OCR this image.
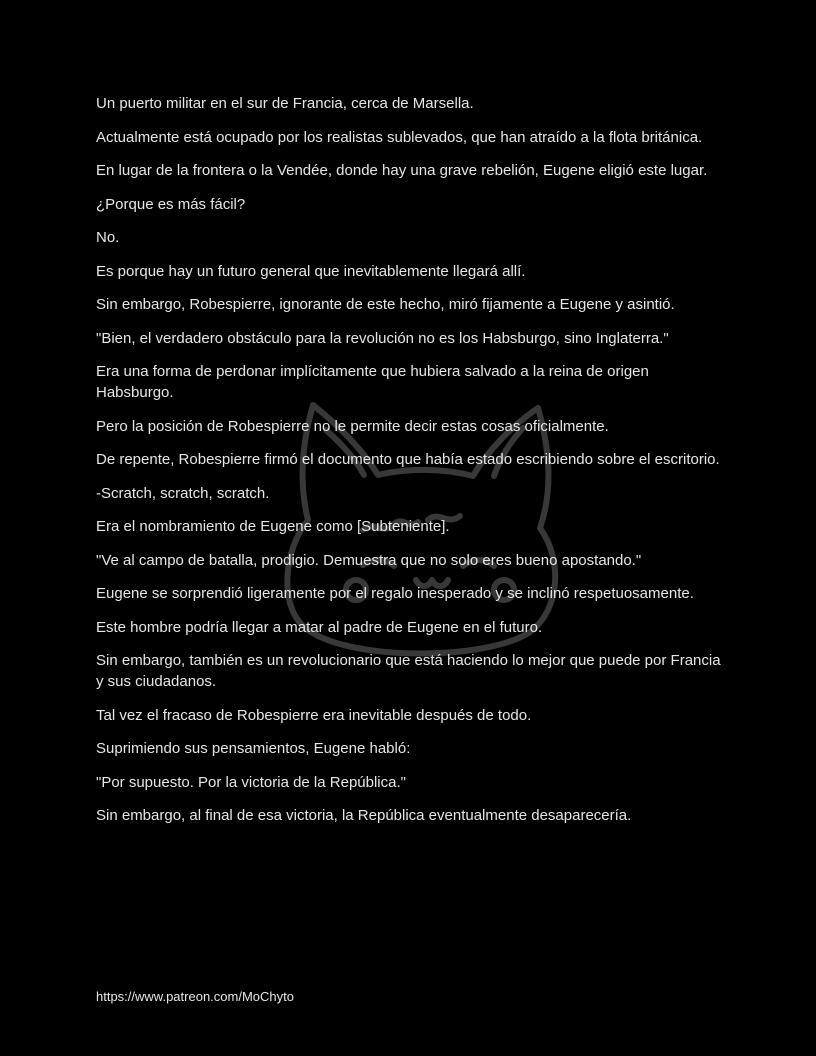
Un puerto militar en el sur de Francia, cerca de Marsella.

Actualmente está ocupado por los realistas sublevados, que han atraído a la flota británica.

En lugar de la frontera o la Vendée, donde hay una grave rebelión, Eugene eligió este lugar.

¿Porque es más fácil?

No.

Es porque hay un futuro general que inevitablemente llegará allí.

Sin embargo, Robespierre, ignorante de este hecho, miró fijamente a Eugene y asintió.

"Bien, el verdadero obstáculo para la revolución no es los Habsburgo, sino Inglaterra."

Era una forma de perdonar implícitamente que hubiera salvado a la reina de origen Habsburgo.

Pero la posición de Robespierre no le permite decir estas cosas oficialmente.

De repente, Robespierre firmó el documento que había estado escribiendo sobre el escritorio.

-Scratch, scratch, scratch.

Era el nombramiento de Eugene como [Subteniente].

"Ve al campo de batalla, prodigio. Demuestra que no solo eres bueno apostando."

Eugene se sorprendió ligeramente por el regalo inesperado y se inclinó respetuosamente.

Este hombre podría llegar a matar al padre de Eugene en el futuro.

Sin embargo, también es un revolucionario que está haciendo lo mejor que puede por Francia y sus ciudadanos.

Tal vez el fracaso de Robespierre era inevitable después de todo.

Suprimiendo sus pensamientos, Eugene habló:

"Por supuesto. Por la victoria de la República."

Sin embargo, al final de esa victoria, la República eventualmente desaparecería.

https://www.patreon.com/MoChyto
